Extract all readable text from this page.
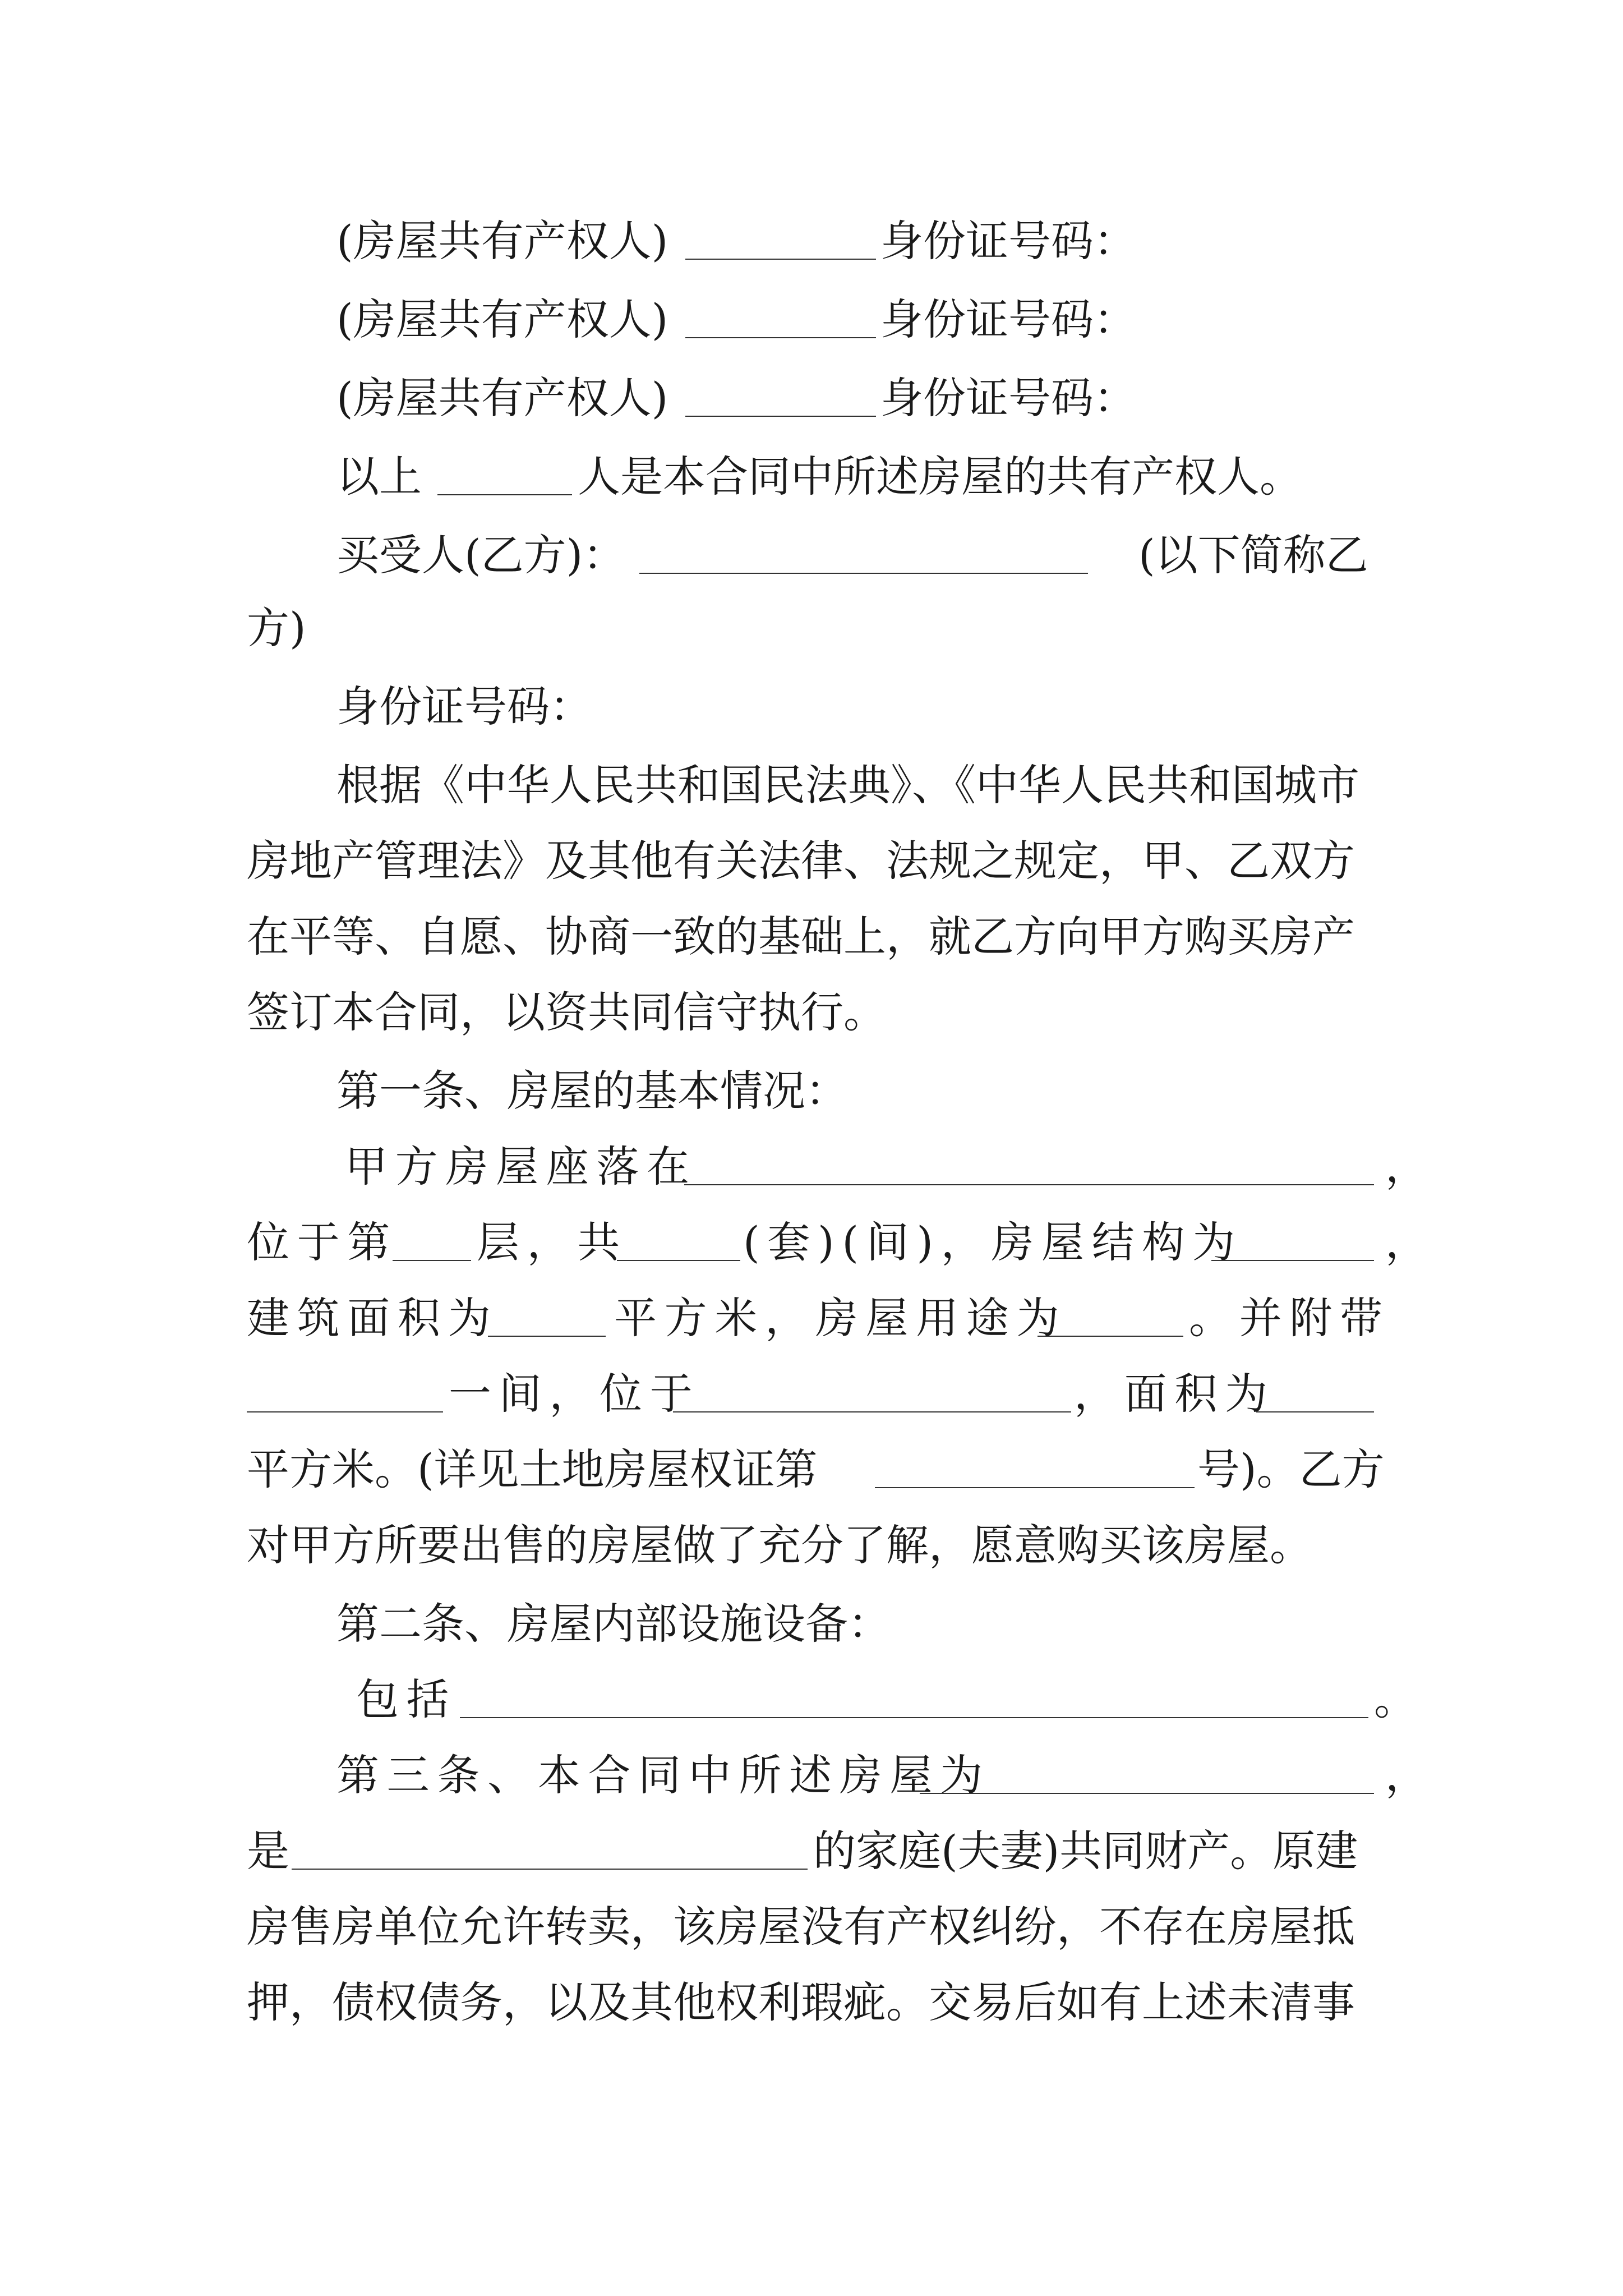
(房屋共有产权人)	身份证号码：
(房屋共有产权人)	身份证号码：
(房屋共有产权人)	身份证号码：
以上	人是本合同中所述房屋的共有产权人。
买受人(乙方)：	(以下简称乙
方)
身份证号码：
根据《中华人民共和国民法典》、《中华人民共和国城市
房地产管理法》及其他有关法律、法规之规定，甲、乙双方
在平等、自愿、协商一致的基础上，就乙方向甲方购买房产
签订本合同，以资共同信守执行。
第一条、房屋的基本情况：
甲方房屋座落在	，
位于第 层，共	(套)(间)，房屋结构为	，
建筑面积为	平方米，房屋用途为	。并附带
一间，位于	，面积为
平方米。(详见土地房屋权证第	号)。乙方
对甲方所要出售的房屋做了充分了解，愿意购买该房屋。
第二条、房屋内部设施设备：
包括	。
第三条、本合同中所述房屋为	，
是	的家庭(夫妻)共同财产。原建
房售房单位允许转卖，该房屋没有产权纠纷，不存在房屋抵
押，债权债务，以及其他权利瑕疵。交易后如有上述未清事
